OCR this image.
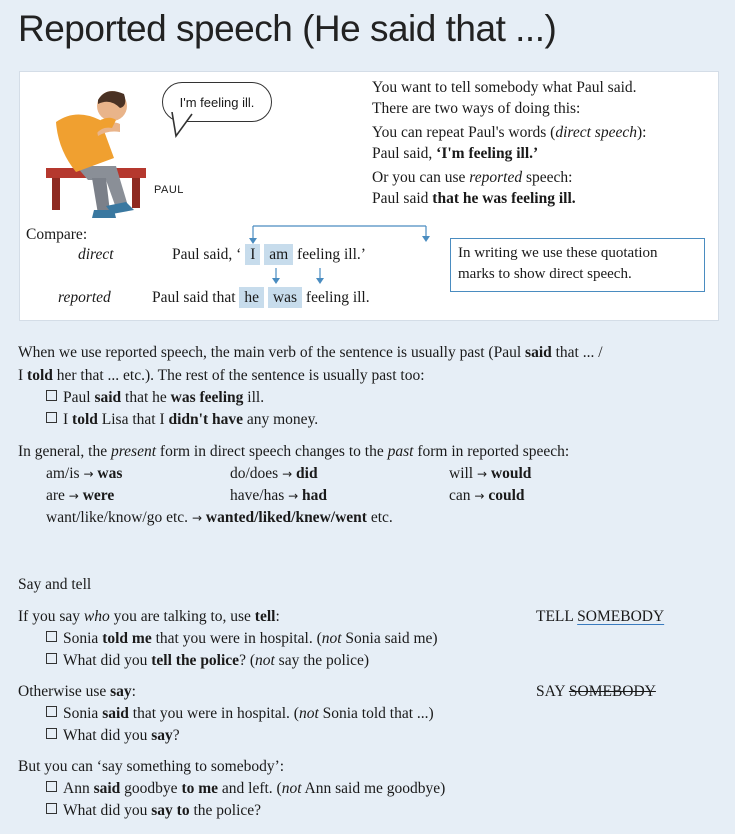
Reported speech (He said that ...)
I'm feeling ill.
PAUL
You want to tell somebody what Paul said.
There are two ways of doing this:
You can repeat Paul's words (direct speech):
Paul said, ‘I'm feeling ill.’
Or you can use reported speech:
Paul said that he was feeling ill.
Compare:
direct	Paul said, ‘ I am feeling ill.’
reported	Paul said that he was feeling ill.
In writing we use these quotation
marks to show direct speech.
When we use reported speech, the main verb of the sentence is usually past (Paul said that ... /
I told her that ... etc.). The rest of the sentence is usually past too:
Paul said that he was feeling ill.
I told Lisa that I didn't have any money.
In general, the present form in direct speech changes to the past form in reported speech:
am/is → was	do/does → did	will → would
are → were	have/has → had	can → could
want/like/know/go etc. → wanted/liked/knew/went etc.
Say and tell
If you say who you are talking to, use tell:	TELL SOMEBODY
Sonia told me that you were in hospital. (not Sonia said me)
What did you tell the police? (not say the police)
Otherwise use say:	SAY SOMEBODY
Sonia said that you were in hospital. (not Sonia told that ...)
What did you say?
But you can ‘say something to somebody’:
Ann said goodbye to me and left. (not Ann said me goodbye)
What did you say to the police?
